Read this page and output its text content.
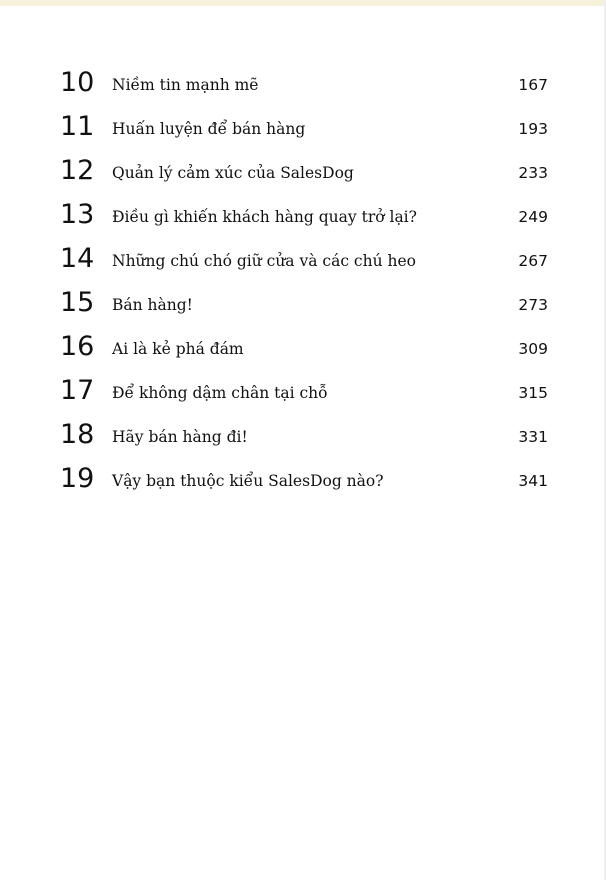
10 Niềm tin mạnh mẽ	167
11 Huấn luyện để bán hàng	193
12 Quản lý cảm xúc của SalesDog	233
13 Điều gì khiến khách hàng quay trở lại?	249
14 Những chú chó giữ cửa và các chú heo	267
15 Bán hàng!	273
16 Ai là kẻ phá đám	309
17 Để không dậm chân tại chỗ	315
18 Hãy bán hàng đi!	331
19 Vậy bạn thuộc kiểu SalesDog nào?	341
